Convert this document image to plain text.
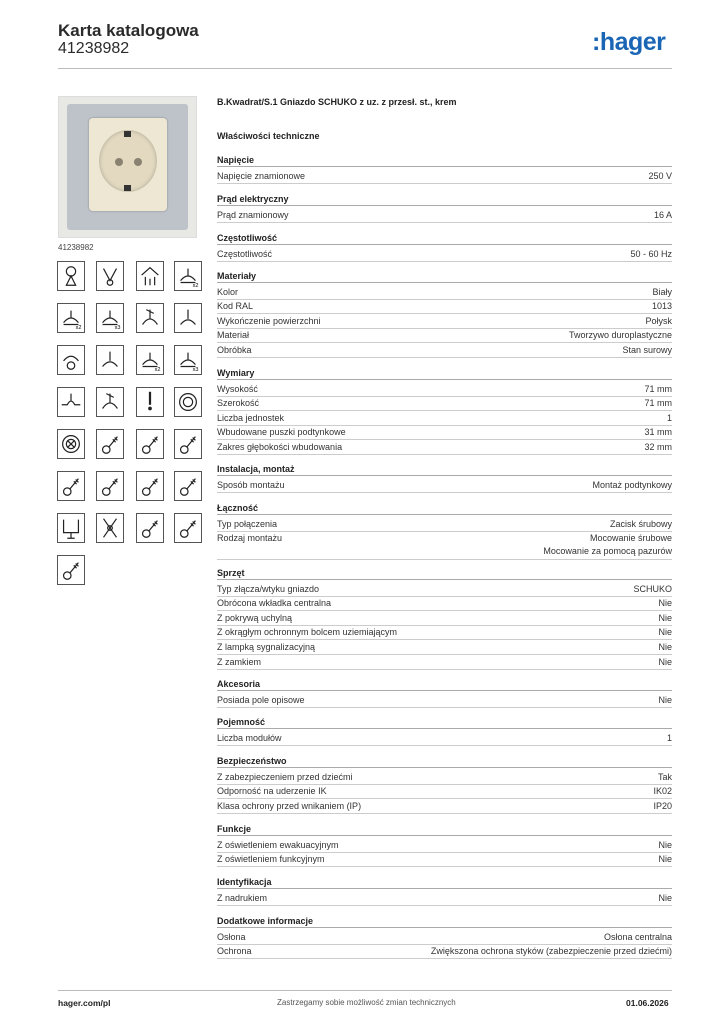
Karta katalogowa
41238982	:hager
41238982
x2
x2	x3
x2	x3
B.Kwadrat/S.1 Gniazdo SCHUKO z uz. z przesł. st., krem
Właściwości techniczne
Napięcie
Napięcie znamionowe	250 V
Prąd elektryczny
Prąd znamionowy	16 A
Częstotliwość
Częstotliwość	50 - 60 Hz
Materiały
Kolor	Biały
Kod RAL	1013
Wykończenie powierzchni	Połysk
Materiał	Tworzywo duroplastyczne
Obróbka	Stan surowy
Wymiary
Wysokość	71 mm
Szerokość	71 mm
Liczba jednostek	1
Wbudowane puszki podtynkowe	31 mm
Zakres głębokości wbudowania	32 mm
Instalacja, montaż
Sposób montażu	Montaż podtynkowy
Łączność
Typ połączenia	Zacisk śrubowy
Rodzaj montażu	Mocowanie śrubowe
Mocowanie za pomocą pazurów
Sprzęt
Typ złącza/wtyku gniazdo	SCHUKO
Obrócona wkładka centralna	Nie
Z pokrywą uchylną	Nie
Z okrągłym ochronnym bolcem uziemiającym	Nie
Z lampką sygnalizacyjną	Nie
Z zamkiem	Nie
Akcesoria
Posiada pole opisowe	Nie
Pojemność
Liczba modułów	1
Bezpieczeństwo
Z zabezpieczeniem przed dziećmi	Tak
Odporność na uderzenie IK	IK02
Klasa ochrony przed wnikaniem (IP)	IP20
Funkcje
Z oświetleniem ewakuacyjnym	Nie
Z oświetleniem funkcyjnym	Nie
Identyfikacja
Z nadrukiem	Nie
Dodatkowe informacje
Osłona	Osłona centralna
Ochrona	Zwiększona ochrona styków (zabezpieczenie przed dziećmi)
hager.com/pl	Zastrzegamy sobie możliwość zmian technicznych	01.06.2026
